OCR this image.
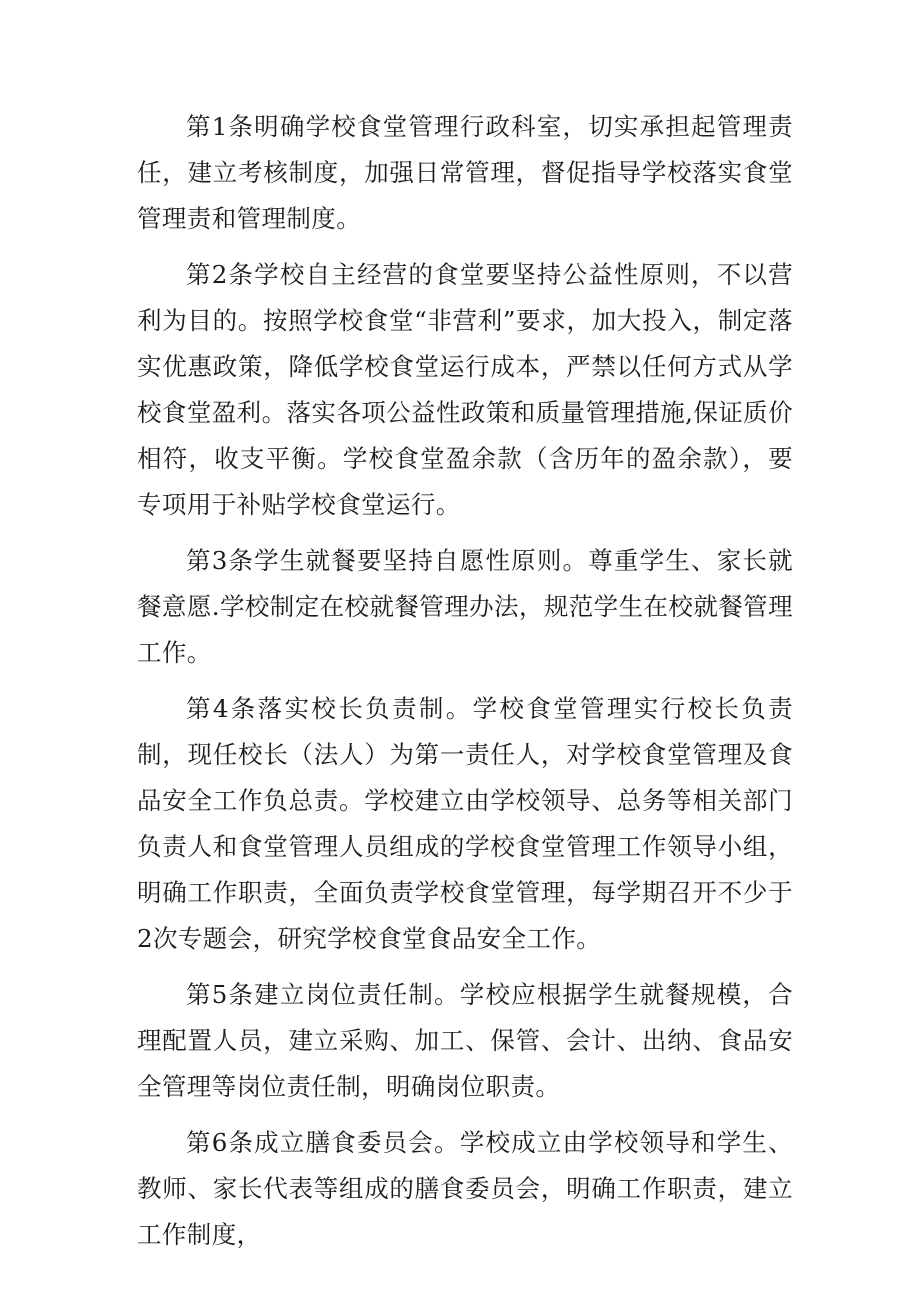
第1条明确学校食堂管理行政科室，切实承担起管理责任，建立考核制度，加强日常管理，督促指导学校落实食堂管理责和管理制度。

第2条学校自主经营的食堂要坚持公益性原则，不以营利为目的。按照学校食堂“非营利”要求，加大投入，制定落实优惠政策，降低学校食堂运行成本，严禁以任何方式从学校食堂盈利。落实各项公益性政策和质量管理措施,保证质价相符，收支平衡。学校食堂盈余款（含历年的盈余款），要专项用于补贴学校食堂运行。

第3条学生就餐要坚持自愿性原则。尊重学生、家长就餐意愿.学校制定在校就餐管理办法，规范学生在校就餐管理工作。

第4条落实校长负责制。学校食堂管理实行校长负责制，现任校长（法人）为第一责任人，对学校食堂管理及食品安全工作负总责。学校建立由学校领导、总务等相关部门负责人和食堂管理人员组成的学校食堂管理工作领导小组，明确工作职责，全面负责学校食堂管理，每学期召开不少于2次专题会，研究学校食堂食品安全工作。

第5条建立岗位责任制。学校应根据学生就餐规模，合理配置人员，建立采购、加工、保管、会计、出纳、食品安全管理等岗位责任制，明确岗位职责。

第6条成立膳食委员会。学校成立由学校领导和学生、教师、家长代表等组成的膳食委员会，明确工作职责，建立工作制度，
